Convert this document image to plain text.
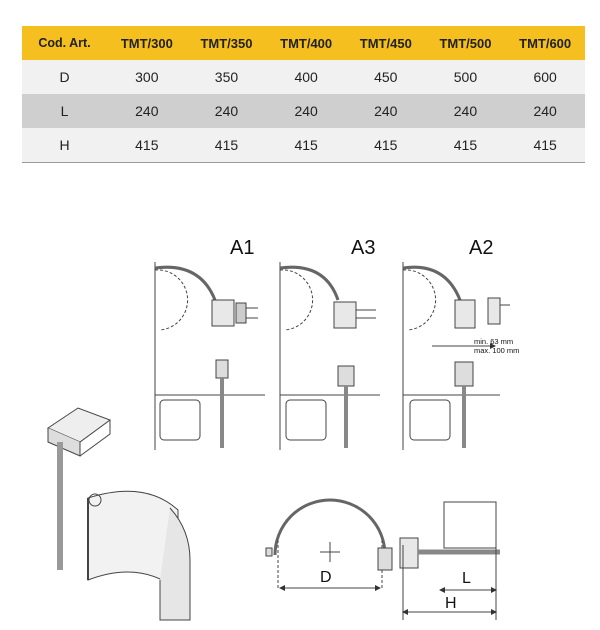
Cod. Art.	TMT/300	TMT/350	TMT/400	TMT/450	TMT/500	TMT/600
D	300	350	400	450	500	600
L	240	240	240	240	240	240
H	415	415	415	415	415	415
A1	A3	A2
min. 63 mm
max. 100 mm
D	L
H
